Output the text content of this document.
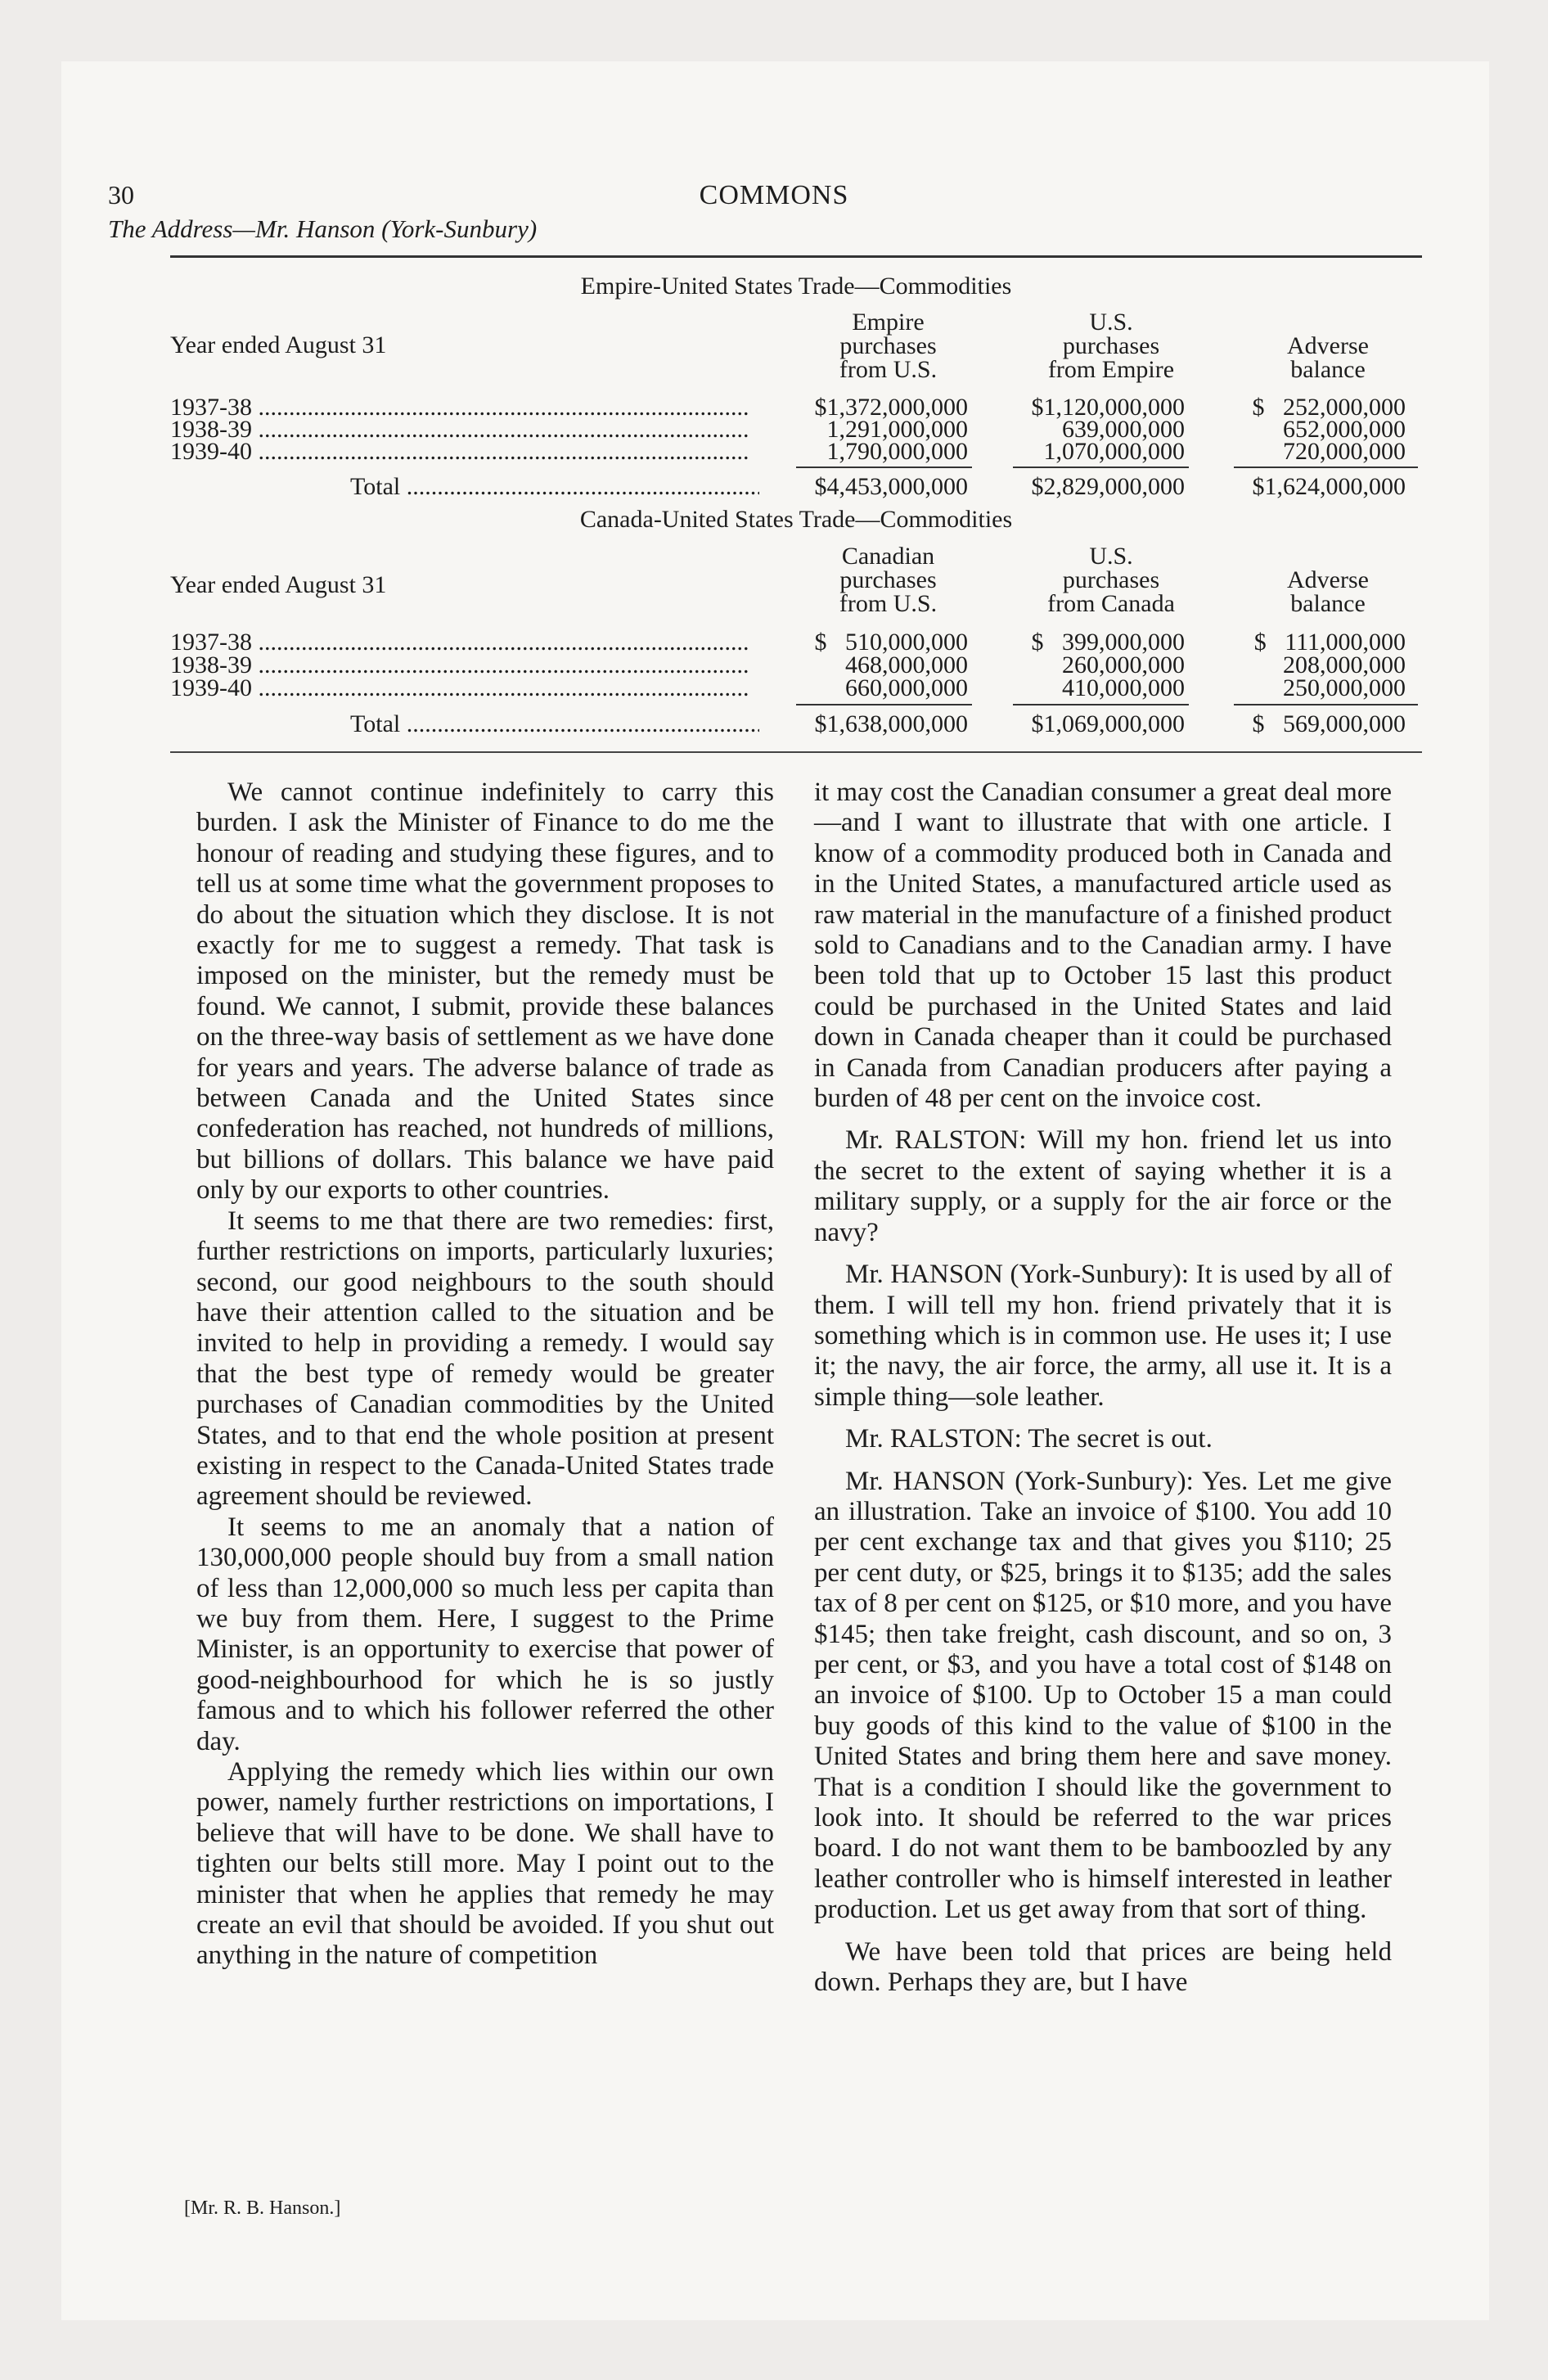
30	COMMONS
The Address—Mr. Hanson (York-Sunbury)
Empire-United States Trade—Commodities
Year ended August 31
Empire
purchases
from U.S.
U.S.
purchases
from Empire
Adverse
balance
1937-38 .....	$1,372,000,000	$1,120,000,000	$   252,000,000
1938-39 .....	1,291,000,000	639,000,000	652,000,000
1939-40 .....	1,790,000,000	1,070,000,000	720,000,000
Total .....	$4,453,000,000	$2,829,000,000	$1,624,000,000
Canada-United States Trade—Commodities
Year ended August 31
Canadian
purchases
from U.S.
U.S.
purchases
from Canada
Adverse
balance
1937-38 .....	$   510,000,000	$   399,000,000	$   111,000,000
1938-39 .....	468,000,000	260,000,000	208,000,000
1939-40 .....	660,000,000	410,000,000	250,000,000
Total .....	$1,638,000,000	$1,069,000,000	$   569,000,000

We cannot continue indefinitely to carry this burden. I ask the Minister of Finance to do me the honour of reading and studying these figures, and to tell us at some time what the government proposes to do about the situation which they disclose. It is not exactly for me to suggest a remedy. That task is imposed on the minister, but the remedy must be found. We cannot, I submit, provide these balances on the three-way basis of settlement as we have done for years and years. The adverse balance of trade as between Canada and the United States since confederation has reached, not hundreds of millions, but billions of dollars. This balance we have paid only by our exports to other countries.

It seems to me that there are two remedies: first, further restrictions on imports, particularly luxuries; second, our good neighbours to the south should have their attention called to the situation and be invited to help in providing a remedy. I would say that the best type of remedy would be greater purchases of Canadian commodities by the United States, and to that end the whole position at present existing in respect to the Canada-United States trade agreement should be reviewed.

It seems to me an anomaly that a nation of 130,000,000 people should buy from a small nation of less than 12,000,000 so much less per capita than we buy from them. Here, I suggest to the Prime Minister, is an opportunity to exercise that power of good-neighbourhood for which he is so justly famous and to which his follower referred the other day.

Applying the remedy which lies within our own power, namely further restrictions on importations, I believe that will have to be done. We shall have to tighten our belts still more. May I point out to the minister that when he applies that remedy he may create an evil that should be avoided. If you shut out anything in the nature of competition

it may cost the Canadian consumer a great deal more—and I want to illustrate that with one article. I know of a commodity produced both in Canada and in the United States, a manufactured article used as raw material in the manufacture of a finished product sold to Canadians and to the Canadian army. I have been told that up to October 15 last this product could be purchased in the United States and laid down in Canada cheaper than it could be purchased in Canada from Canadian producers after paying a burden of 48 per cent on the invoice cost.

Mr. RALSTON: Will my hon. friend let us into the secret to the extent of saying whether it is a military supply, or a supply for the air force or the navy?

Mr. HANSON (York-Sunbury): It is used by all of them. I will tell my hon. friend privately that it is something which is in common use. He uses it; I use it; the navy, the air force, the army, all use it. It is a simple thing—sole leather.

Mr. RALSTON: The secret is out.

Mr. HANSON (York-Sunbury): Yes. Let me give an illustration. Take an invoice of $100. You add 10 per cent exchange tax and that gives you $110; 25 per cent duty, or $25, brings it to $135; add the sales tax of 8 per cent on $125, or $10 more, and you have $145; then take freight, cash discount, and so on, 3 per cent, or $3, and you have a total cost of $148 on an invoice of $100. Up to October 15 a man could buy goods of this kind to the value of $100 in the United States and bring them here and save money. That is a condition I should like the government to look into. It should be referred to the war prices board. I do not want them to be bamboozled by any leather controller who is himself interested in leather production. Let us get away from that sort of thing.

We have been told that prices are being held down. Perhaps they are, but I have

[Mr. R. B. Hanson.]
